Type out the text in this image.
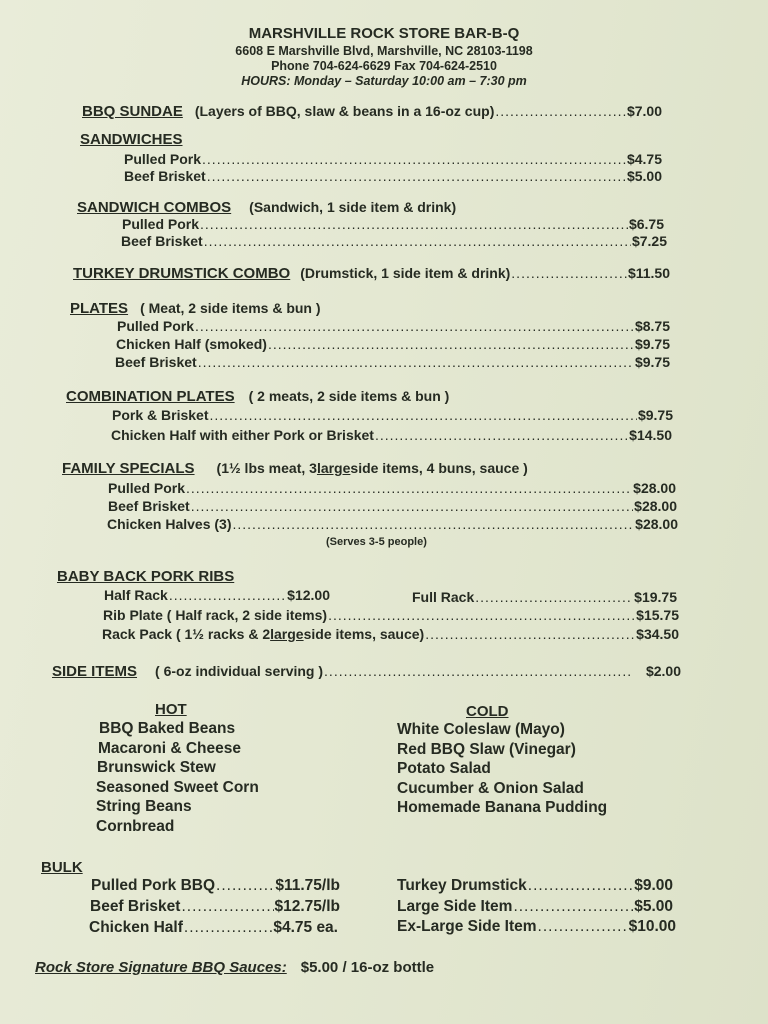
MARSHVILLE ROCK STORE BAR-B-Q
6608 E Marshville Blvd, Marshville, NC 28103-1198
Phone 704-624-6629 Fax 704-624-2510
HOURS: Monday – Saturday 10:00 am – 7:30 pm
BBQ SUNDAE (Layers of BBQ, slaw & beans in a 16-oz cup) .....	$7.00
SANDWICHES
Pulled Pork .....	$4.75
Beef Brisket .....	$5.00
SANDWICH COMBOS (Sandwich, 1 side item & drink)
Pulled Pork .....	$6.75
Beef Brisket .....	$7.25
TURKEY DRUMSTICK COMBO (Drumstick, 1 side item & drink) .....	$11.50
PLATES ( Meat, 2 side items & bun )
Pulled Pork .....	$8.75
Chicken Half (smoked) .....	$9.75
Beef Brisket .....	$9.75
COMBINATION PLATES ( 2 meats, 2 side items & bun )
Pork & Brisket .....	$9.75
Chicken Half with either Pork or Brisket .....	$14.50
FAMILY SPECIALS (1½ lbs meat, 3 large side items, 4 buns, sauce )
Pulled Pork .....	$28.00
Beef Brisket .....	$28.00
Chicken Halves (3) .....	$28.00
(Serves 3-5 people)
BABY BACK PORK RIBS
Half Rack .....	$12.00	Full Rack .....	$19.75
Rib Plate ( Half rack, 2 side items) .....	$15.75
Rack Pack ( 1½ racks & 2 large side items, sauce) .....	$34.50
SIDE ITEMS ( 6-oz individual serving ) .....	$2.00
HOT
BBQ Baked Beans
Macaroni & Cheese
Brunswick Stew
Seasoned Sweet Corn
String Beans
Cornbread
COLD
White Coleslaw (Mayo)
Red BBQ Slaw (Vinegar)
Potato Salad
Cucumber & Onion Salad
Homemade Banana Pudding
BULK
Pulled Pork BBQ .....	$11.75/lb
Beef Brisket .....	$12.75/lb
Chicken Half .....	$4.75 ea.
Turkey Drumstick .....	$9.00
Large Side Item .....	$5.00
Ex-Large Side Item .....	$10.00
Rock Store Signature BBQ Sauces: $5.00 / 16-oz bottle
